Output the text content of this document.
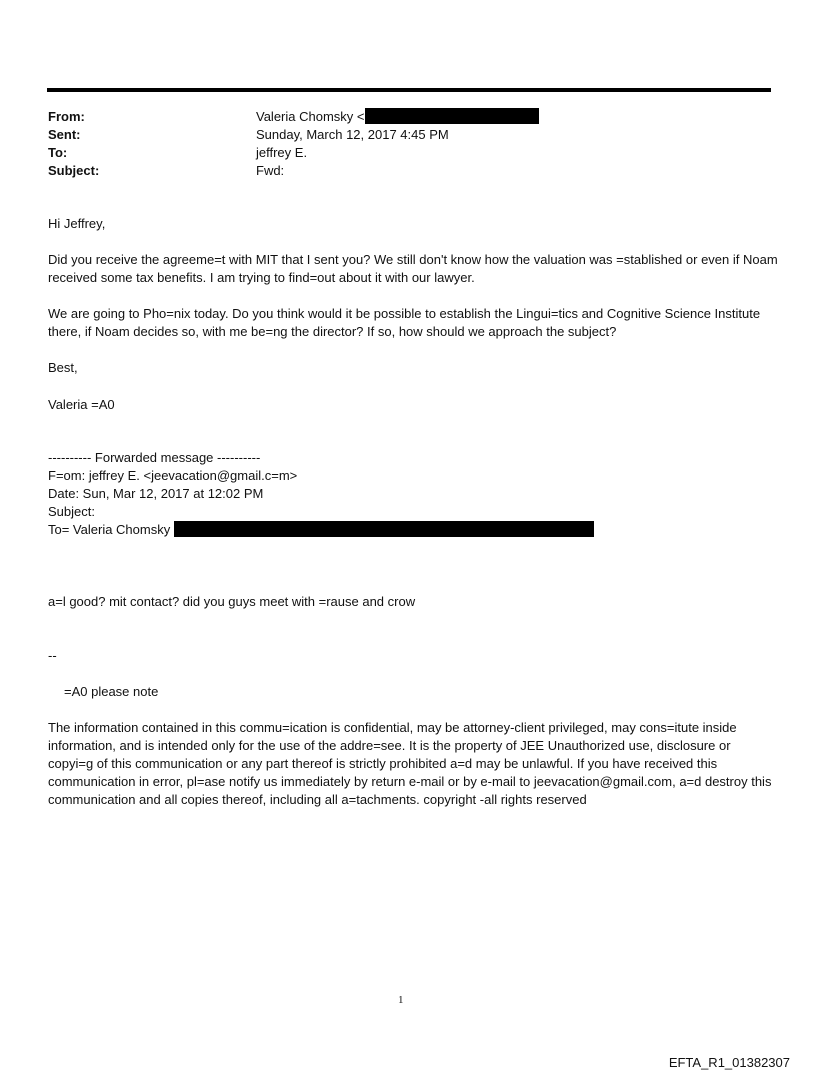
From:	Valeria Chomsky <
Sent:	Sunday, March 12, 2017 4:45 PM
To:	jeffrey E.
Subject:	Fwd:

Hi Jeffrey,

Did you receive the agreeme=t with MIT that I sent you? We still don't know how the valuation was =stablished or even if Noam received some tax benefits. I am trying to find=out about it with our lawyer.

We are going to Pho=nix today. Do you think would it be possible to establish the Lingui=tics and Cognitive Science Institute there, if Noam decides so, with me be=ng the director? If so, how should we approach the subject?

Best,

Valeria =A0

---------- Forwarded message ----------

F=om: jeffrey E. <jeevacation@gmail.c=m>

Date: Sun, Mar 12, 2017 at 12:02 PM

Subject:

To= Valeria Chomsky

a=l good? mit contact? did you guys meet with =rause and crow

--

=A0 please note

The information contained in this commu=ication is confidential, may be attorney-client privileged, may cons=itute inside information, and is intended only for the use of the addre=see. It is the property of JEE Unauthorized use, disclosure or copyi=g of this communication or any part thereof is strictly prohibited a=d may be unlawful. If you have received this communication in error, pl=ase notify us immediately by return e-mail or by e-mail to jeevacation@gmail.com, a=d destroy this communication and all copies thereof, including all a=tachments. copyright -all rights reserved

1
EFTA_R1_01382307
